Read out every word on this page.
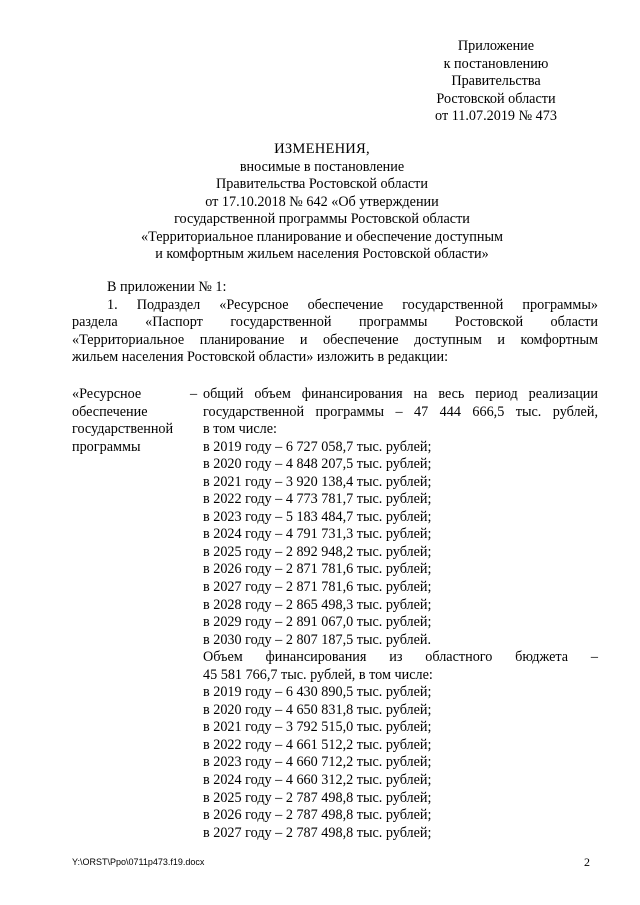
Приложение
к постановлению
Правительства
Ростовской области
от 11.07.2019 № 473
ИЗМЕНЕНИЯ,
вносимые в постановление
Правительства Ростовской области
от 17.10.2018 № 642 «Об утверждении
государственной программы Ростовской области
«Территориальное планирование и обеспечение доступным
и комфортным жильем населения Ростовской области»
В приложении № 1:
1. Подраздел «Ресурсное обеспечение государственной программы»
раздела «Паспорт государственной программы Ростовской области
«Территориальное планирование и обеспечение доступным и комфортным
жильем населения Ростовской области» изложить в редакции:
«Ресурсное
обеспечение
государственной
программы
– общий объем финансирования на весь период реализации
государственной программы – 47 444 666,5 тыс. рублей,
в том числе:
в 2019 году – 6 727 058,7 тыс. рублей;
в 2020 году – 4 848 207,5 тыс. рублей;
в 2021 году – 3 920 138,4 тыс. рублей;
в 2022 году – 4 773 781,7 тыс. рублей;
в 2023 году – 5 183 484,7 тыс. рублей;
в 2024 году – 4 791 731,3 тыс. рублей;
в 2025 году – 2 892 948,2 тыс. рублей;
в 2026 году – 2 871 781,6 тыс. рублей;
в 2027 году – 2 871 781,6 тыс. рублей;
в 2028 году – 2 865 498,3 тыс. рублей;
в 2029 году – 2 891 067,0 тыс. рублей;
в 2030 году – 2 807 187,5 тыс. рублей.
Объем финансирования из областного бюджета –
45 581 766,7 тыс. рублей, в том числе:
в 2019 году – 6 430 890,5 тыс. рублей;
в 2020 году – 4 650 831,8 тыс. рублей;
в 2021 году – 3 792 515,0 тыс. рублей;
в 2022 году – 4 661 512,2 тыс. рублей;
в 2023 году – 4 660 712,2 тыс. рублей;
в 2024 году – 4 660 312,2 тыс. рублей;
в 2025 году – 2 787 498,8 тыс. рублей;
в 2026 году – 2 787 498,8 тыс. рублей;
в 2027 году – 2 787 498,8 тыс. рублей;
Y:\ORST\Ppo\0711p473.f19.docx	2
